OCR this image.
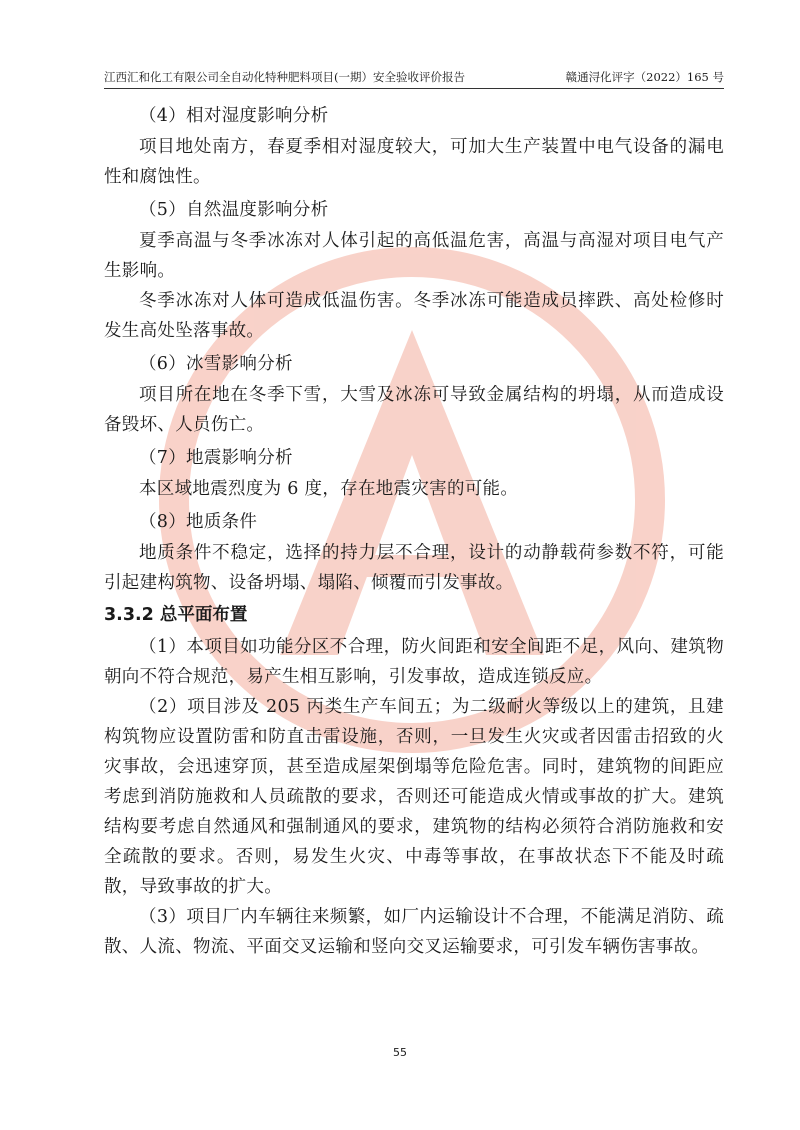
江西汇和化工有限公司全自动化特种肥料项目(一期）安全验收评价报告	赣通浔化评字（2022）165 号

（4）相对湿度影响分析

项目地处南方，春夏季相对湿度较大，可加大生产装置中电气设备的漏电性和腐蚀性。

（5）自然温度影响分析

夏季高温与冬季冰冻对人体引起的高低温危害，高温与高湿对项目电气产生影响。

冬季冰冻对人体可造成低温伤害。冬季冰冻可能造成员摔跌、高处检修时发生高处坠落事故。

（6）冰雪影响分析

项目所在地在冬季下雪，大雪及冰冻可导致金属结构的坍塌，从而造成设备毁坏、人员伤亡。

（7）地震影响分析

本区域地震烈度为 6 度，存在地震灾害的可能。

（8）地质条件

地质条件不稳定，选择的持力层不合理，设计的动静载荷参数不符，可能引起建构筑物、设备坍塌、塌陷、倾覆而引发事故。

3.3.2 总平面布置

（1）本项目如功能分区不合理，防火间距和安全间距不足，风向、建筑物朝向不符合规范，易产生相互影响，引发事故，造成连锁反应。

（2）项目涉及 205 丙类生产车间五；为二级耐火等级以上的建筑，且建构筑物应设置防雷和防直击雷设施，否则，一旦发生火灾或者因雷击招致的火灾事故，会迅速穿顶，甚至造成屋架倒塌等危险危害。同时，建筑物的间距应考虑到消防施救和人员疏散的要求，否则还可能造成火情或事故的扩大。建筑结构要考虑自然通风和强制通风的要求，建筑物的结构必须符合消防施救和安全疏散的要求。否则，易发生火灾、中毒等事故，在事故状态下不能及时疏散，导致事故的扩大。

（3）项目厂内车辆往来频繁，如厂内运输设计不合理，不能满足消防、疏散、人流、物流、平面交叉运输和竖向交叉运输要求，可引发车辆伤害事故。

55
